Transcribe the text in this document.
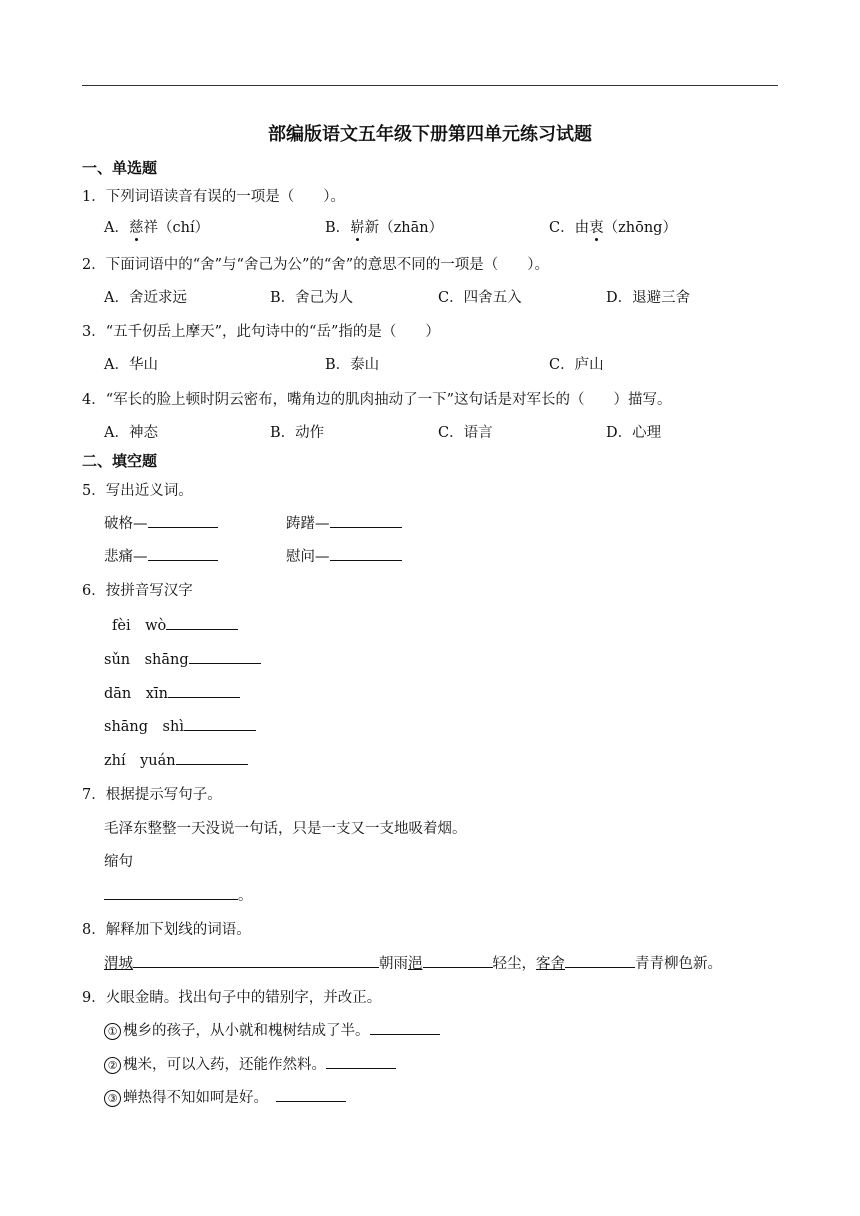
部编版语文五年级下册第四单元练习试题
一、单选题
1．下列词语读音有误的一项是（　　）。
A．慈祥（chí）	B．崭新（zhān）	C．由衷（zhōng）
2．下面词语中的“舍”与“舍己为公”的“舍”的意思不同的一项是（　　）。
A．舍近求远	B．舍己为人	C．四舍五入	D．退避三舍
3．“五千仞岳上摩天”，此句诗中的“岳”指的是（　　）
A．华山	B．泰山	C．庐山
4．“军长的脸上顿时阴云密布，嘴角边的肌肉抽动了一下”这句话是对军长的（　　）描写。
A．神态	B．动作	C．语言	D．心理
二、填空题
5．写出近义词。
破格—	踌躇—
悲痛—	慰问—
6．按拼音写汉字
fèi　wò
sǔn　shāng
dān　xīn
shāng　shì
zhí　yuán
7．根据提示写句子。
毛泽东整整一天没说一句话，只是一支又一支地吸着烟。
缩句
。
8．解释加下划线的词语。
渭城	朝雨浥	轻尘，客舍	青青柳色新。
9．火眼金睛。找出句子中的错别字，并改正。
① 槐乡的孩子，从小就和槐树结成了半。
② 槐米，可以入药，还能作然料。
③ 蝉热得不知如呵是好。
